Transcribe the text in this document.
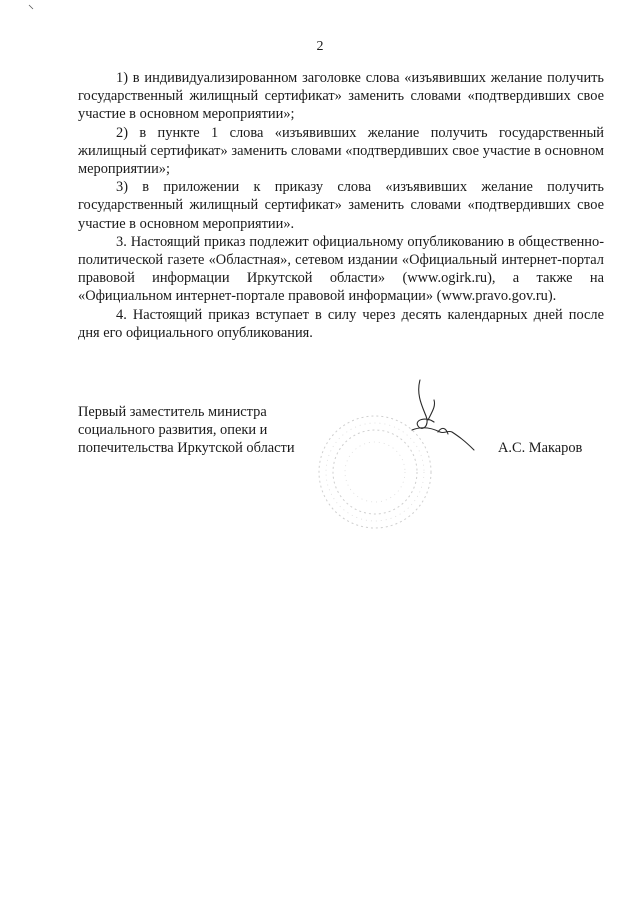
2

1) в индивидуализированном заголовке слова «изъявивших желание получить государственный жилищный сертификат» заменить словами «подтвердивших свое участие в основном мероприятии»;

2) в пункте 1 слова «изъявивших желание получить государственный жилищный сертификат» заменить словами «подтвердивших свое участие в основном мероприятии»;

3) в приложении к приказу слова «изъявивших желание получить государственный жилищный сертификат» заменить словами «подтвердивших свое участие в основном мероприятии».

3. Настоящий приказ подлежит официальному опубликованию в общественно-политической газете «Областная», сетевом издании «Официальный интернет-портал правовой информации Иркутской области» (www.ogirk.ru), а также на «Официальном интернет-портале правовой информации» (www.pravo.gov.ru).

4. Настоящий приказ вступает в силу через десять календарных дней после дня его официального опубликования.

Первый заместитель министра
социального развития, опеки и
попечительства Иркутской области	А.С. Макаров
